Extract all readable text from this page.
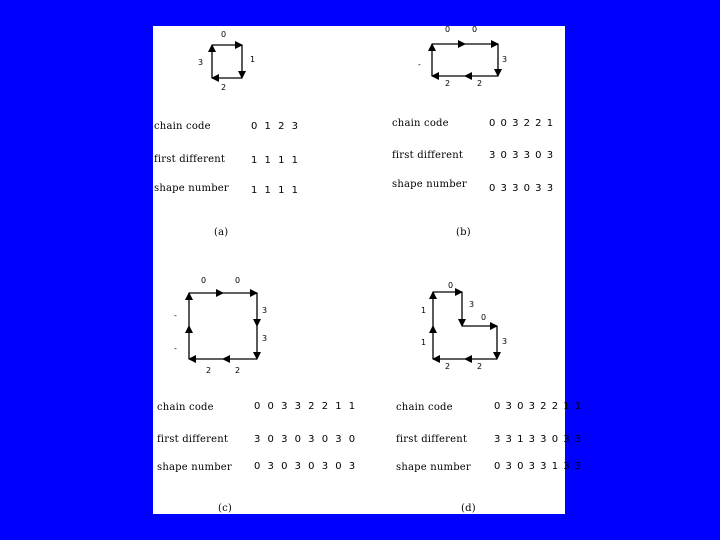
0
1
2
3
0	0
3
2	2
-
0	0
3
3
2	2
-
-
0
3
0
3
2	2
1
1
chain code	0 1 2 3
first different	1 1 1 1
shape number 1 1 1 1
(a)
chain code	0 0 3 2 2 1
first different	3 0 3 3 0 3
shape number 0 3 3 0 3 3
(b)
chain code	0 0 3 3 2 2 1 1
first different	3 0 3 0 3 0 3 0
shape number 0 3 0 3 0 3 0 3
(c)
chain code	0 3 0 3 2 2 1 1
first different	3 3 1 3 3 0 3 3
shape number 0 3 0 3 3 1 3 3
(d)
